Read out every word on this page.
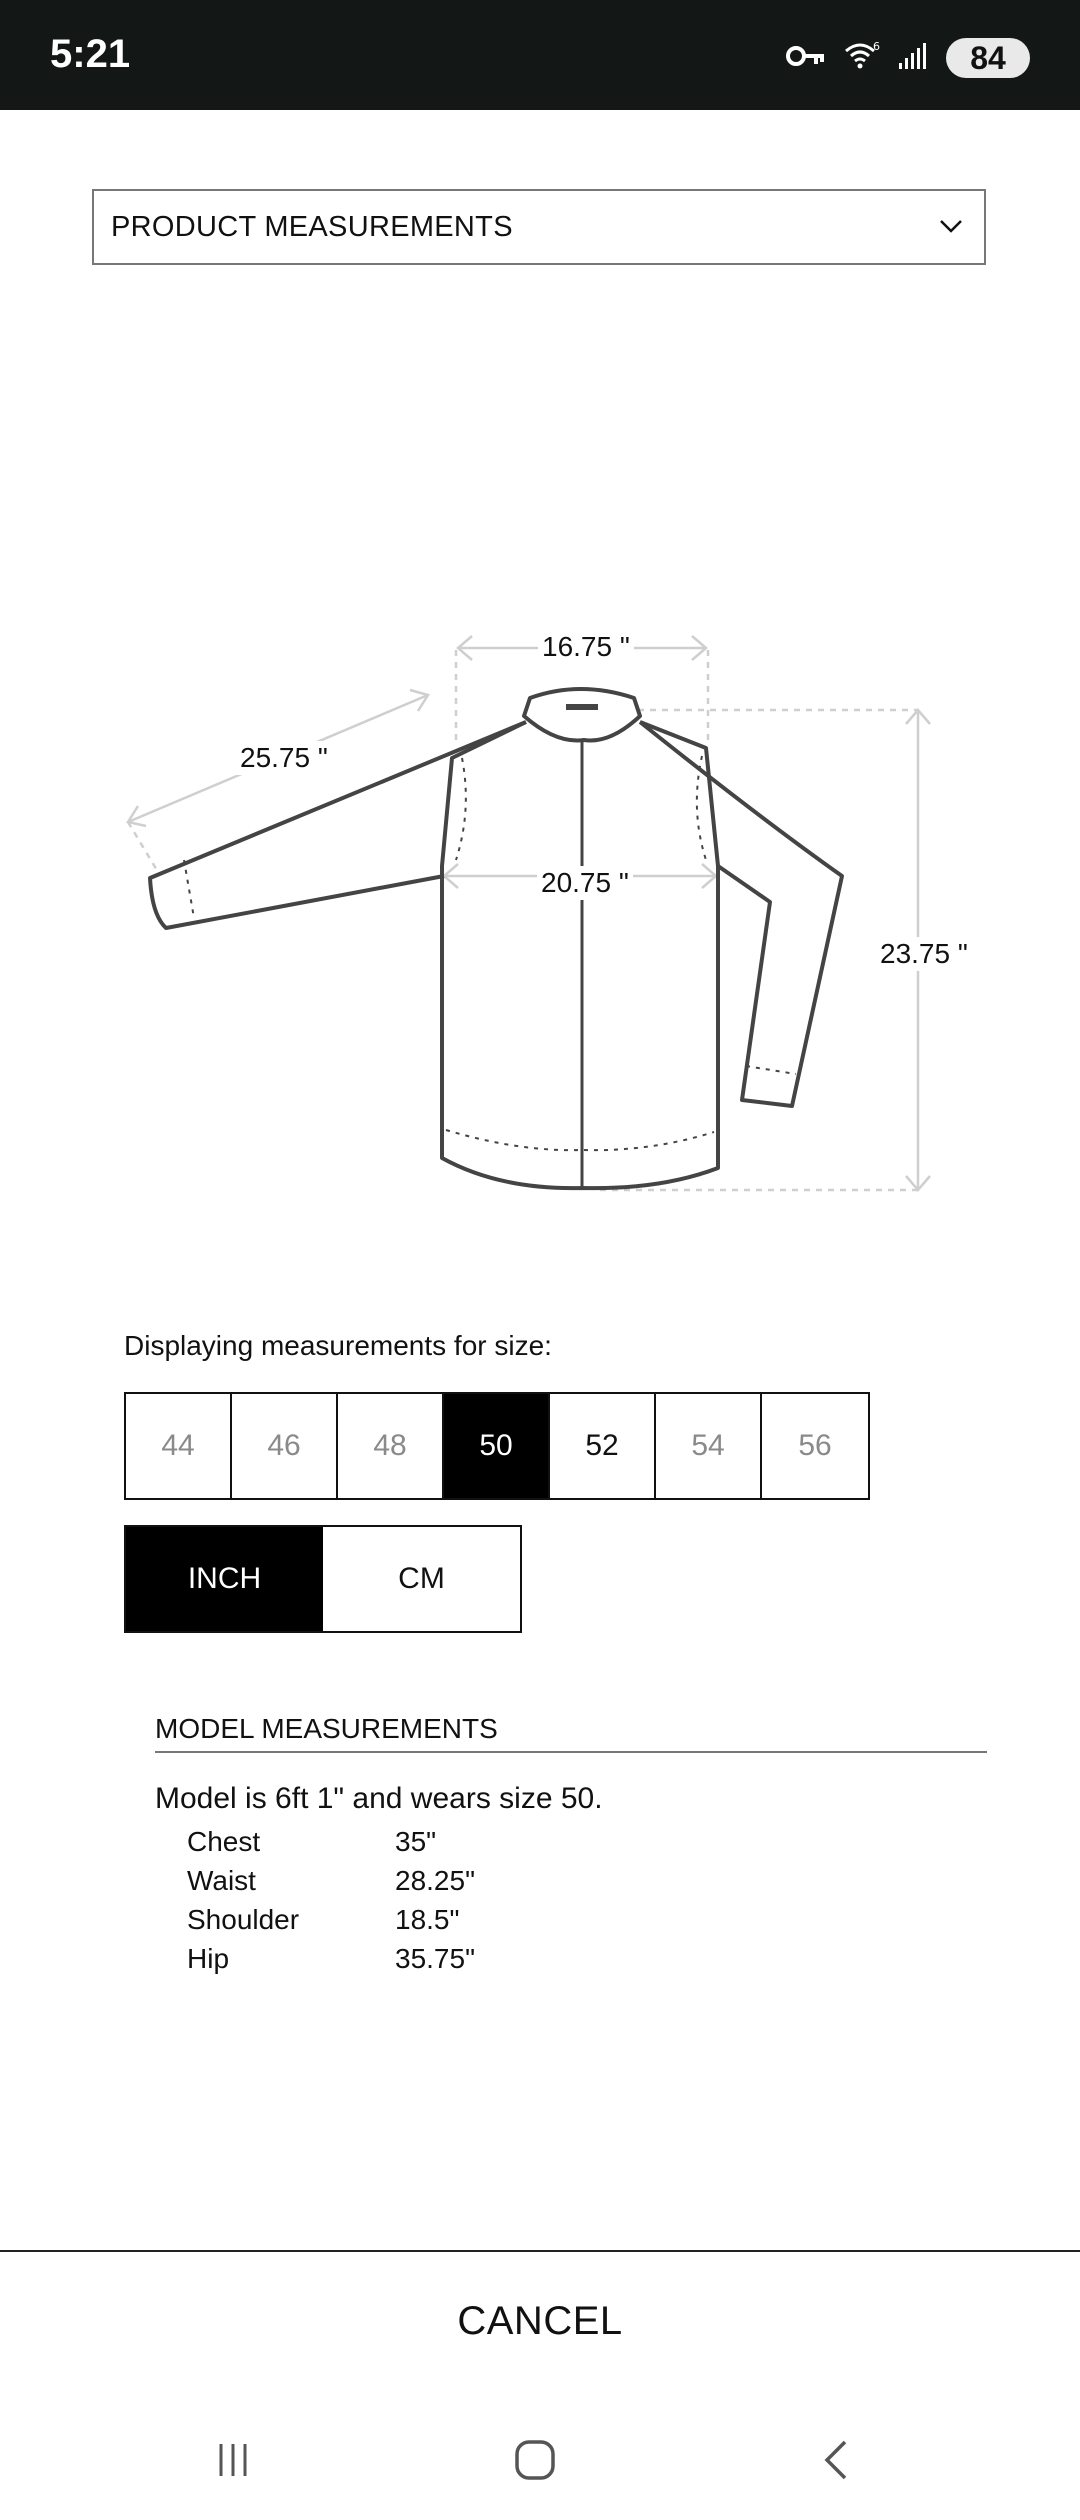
5:21	6	84
PRODUCT MEASUREMENTS
16.75 "
25.75 "
20.75 "
23.75 "
Displaying measurements for size:
44	46	48	50	52	54	56
INCH	CM
MODEL MEASUREMENTS
Model is 6ft 1" and wears size 50.
Chest	35"
Waist	28.25"
Shoulder	18.5"
Hip	35.75"
CANCEL
